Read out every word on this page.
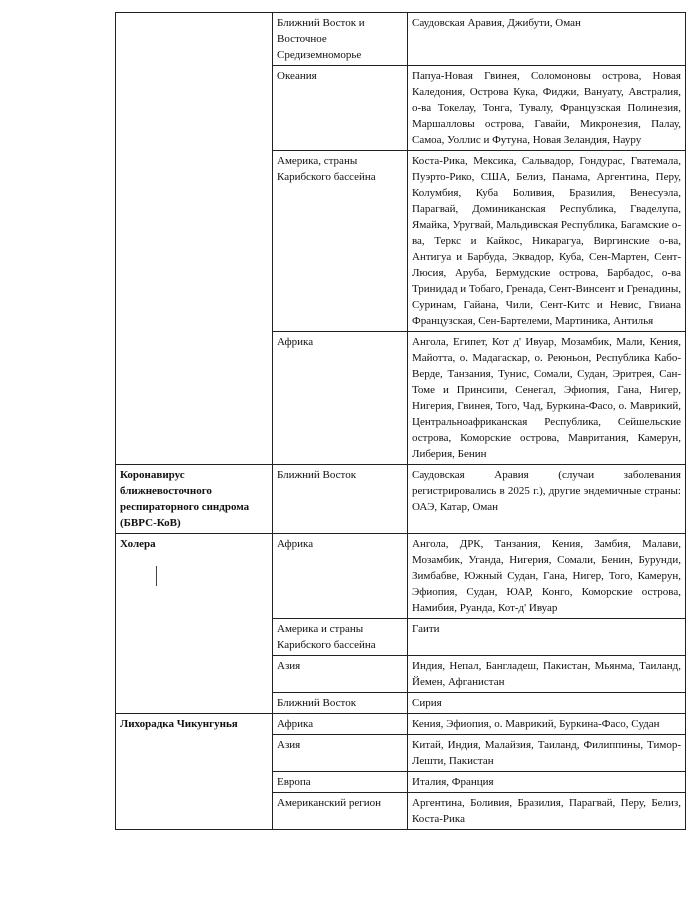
	Ближний Восток и Восточное Средиземноморье	Саудовская Аравия, Джибути, Оман
	Океания	Папуа-Новая Гвинея, Соломоновы острова, Новая Каледония, Острова Кука, Фиджи, Вануату, Австралия, о-ва Токелау, Тонга, Тувалу, Французская Полинезия, Маршалловы острова, Гавайи, Микронезия, Палау, Самоа, Уоллис и Футуна, Новая Зеландия, Науру
	Америка, страны Карибского бассейна	Коста-Рика, Мексика, Сальвадор, Гондурас, Гватемала, Пуэрто-Рико, США, Белиз, Панама, Аргентина, Перу, Колумбия, Куба Боливия, Бразилия, Венесуэла, Парагвай, Доминиканская Республика, Гваделупа, Ямайка, Уругвай, Мальдивская Республика, Багамские о-ва, Теркс и Кайкос, Никарагуа, Виргинские о-ва, Антигуа и Барбуда, Эквадор, Куба, Сен-Мартен, Сент-Люсия, Аруба, Бермудские острова, Барбадос, о-ва Тринидад и Тобаго, Гренада, Сент-Винсент и Гренадины, Суринам, Гайана, Чили, Сент-Китс и Невис, Гвиана Французская, Сен-Бартелеми, Мартиника, Антилья
	Африка	Ангола, Египет, Кот д' Ивуар, Мозамбик, Мали, Кения, Майотта, о. Мадагаскар, о. Реюньон, Республика Кабо-Верде, Танзания, Тунис, Сомали, Судан, Эритрея, Сан-Томе и Принсипи, Сенегал, Эфиопия, Гана, Нигер, Нигерия, Гвинея, Того, Чад, Буркина-Фасо, о. Маврикий, Центральноафриканская Республика, Сейшельские острова, Коморские острова, Мавритания, Камерун, Либерия, Бенин
Коронавирус ближневосточного респираторного синдрома (БВРС-КоВ)	Ближний Восток	Саудовская Аравия (случаи заболевания регистрировались в 2025 г.), другие эндемичные страны: ОАЭ, Катар, Оман
Холера	Африка	Ангола, ДРК, Танзания, Кения, Замбия, Малави, Мозамбик, Уганда, Нигерия, Сомали, Бенин, Бурунди, Зимбабве, Южный Судан, Гана, Нигер, Того, Камерун, Эфиопия, Судан, ЮАР, Конго, Коморские острова, Намибия, Руанда, Кот-д' Ивуар
	Америка и страны Карибского бассейна	Гаити
	Азия	Индия, Непал, Бангладеш, Пакистан, Мьянма, Таиланд, Йемен, Афганистан
	Ближний Восток	Сирия
Лихорадка Чикунгунья	Африка	Кения, Эфиопия, о. Маврикий, Буркина-Фасо, Судан
	Азия	Китай, Индия, Малайзия, Таиланд, Филиппины, Тимор-Лешти, Пакистан
	Европа	Италия, Франция
	Американский регион	Аргентина, Боливия, Бразилия, Парагвай, Перу, Белиз, Коста-Рика
